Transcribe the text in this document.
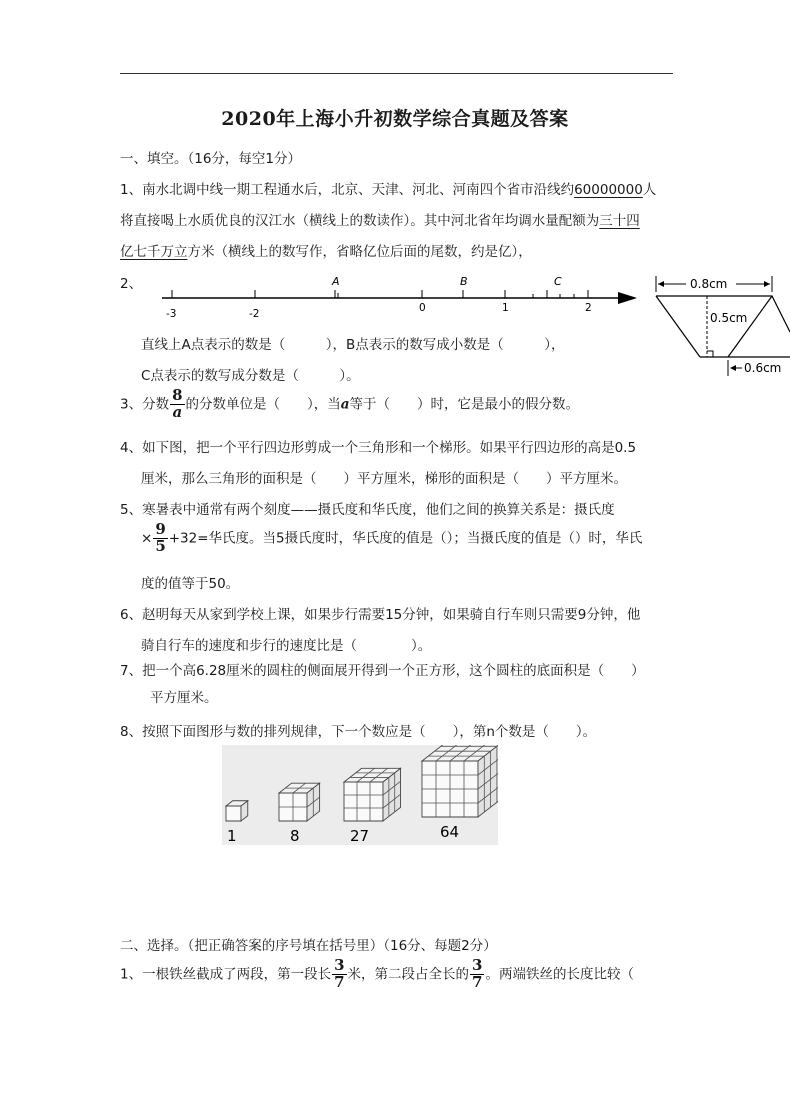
2020年上海小升初数学综合真题及答案
一、填空。（16分，每空1分）
1、南水北调中线一期工程通水后，北京、天津、河北、河南四个省市沿线约60000000人
将直接喝上水质优良的汉江水（横线上的数读作）。其中河北省年均调水量配额为三十四
亿七千万立方米（横线上的数写作，省略亿位后面的尾数，约是亿），
2、	A	B	C
-3	-2	0	1	2
0.8cm
0.5cm
0.6cm
直线上A点表示的数是（　　　），B点表示的数写成小数是（　　　），
C点表示的数写成分数是（　　　）。
3、分数 $\frac{8}{a}$ 的分数单位是（　　），当a等于（　　）时，它是最小的假分数。
4、如下图，把一个平行四边形剪成一个三角形和一个梯形。如果平行四边形的高是0.5
厘米，那么三角形的面积是（　　）平方厘米，梯形的面积是（　　）平方厘米。
5、寒暑表中通常有两个刻度——摄氏度和华氏度，他们之间的换算关系是：摄氏度
× $\frac{9}{5} +32=$华氏度。当5摄氏度时，华氏度的值是（）；当摄氏度的值是（）时，华氏
度的值等于50。
6、赵明每天从家到学校上课，如果步行需要15分钟，如果骑自行车则只需要9分钟，他
骑自行车的速度和步行的速度比是（　　　　）。
7、把一个高6.28厘米的圆柱的侧面展开得到一个正方形，这个圆柱的底面积是（　　）
平方厘米。
8、按照下面图形与数的排列规律，下一个数应是（　　），第n个数是（　　）。
1	8	27	64
二、选择。（把正确答案的序号填在括号里）（16分、每题2分）
1、一根铁丝截成了两段，第一段长 $\frac{3}{7}$ 米，第二段占全长的 $\frac{3}{7}$ 。两端铁丝的长度比较（
